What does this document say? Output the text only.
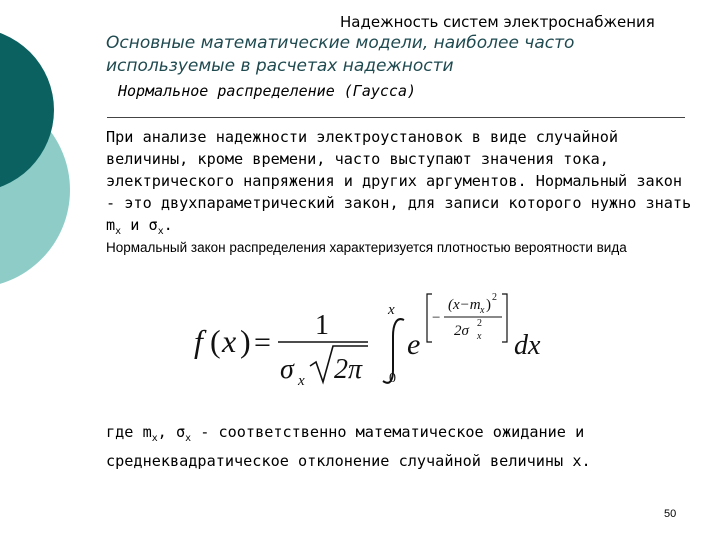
Надежность систем электроснабжения
Основные математические модели, наиболее часто
используемые в расчетах надежности
Нормальное распределение (Гаусса)
При анализе надежности электроустановок в виде случайной величины, кроме времени, часто выступают значения тока, электрического напряжения и других аргументов. Нормальный закон - это двухпараметрический закон, для записи которого нужно знать $m_x$ и $\sigma_x$.
Нормальный закон распределения характеризуется плотностью вероятности вида
f ( x ) =
1
σ x 2π
x
0
e
−
(x−m x ) 2
2σ 2
x dx
где $m_x$, $\sigma_x$ - соответственно математическое ожидание и среднеквадратическое отклонение случайной величины x.
50
